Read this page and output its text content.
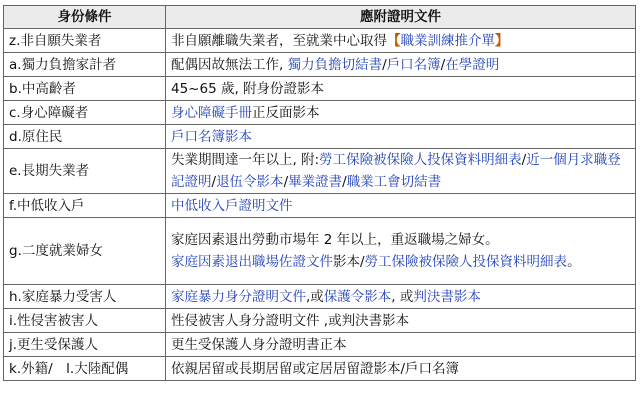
身份條件	應附證明文件
z.非自願失業者	非自願離職失業者，至就業中心取得【職業訓練推介單】
a.獨力負擔家計者	配偶因故無法工作, 獨力負擔切結書/戶口名簿/在學證明
b.中高齡者	45~65 歲, 附身份證影本
c.身心障礙者	身心障礙手冊正反面影本
d.原住民	戶口名簿影本
e.長期失業者	失業期間達一年以上, 附:勞工保險被保險人投保資料明細表/近一個月求職登記證明/退伍令影本/畢業證書/職業工會切結書
f.中低收入戶	中低收入戶證明文件
g.二度就業婦女	家庭因素退出勞動市場年 2 年以上，重返職場之婦女。
家庭因素退出職場佐證文件影本/勞工保險被保險人投保資料明細表。
h.家庭暴力受害人	家庭暴力身分證明文件,或保護令影本, 或判決書影本
i.性侵害被害人	性侵被害人身分證明文件 ,或判決書影本
j.更生受保護人	更生受保護人身分證明書正本
k.外籍/　l.大陸配偶	依親居留或長期居留或定居居留證影本/戶口名簿
